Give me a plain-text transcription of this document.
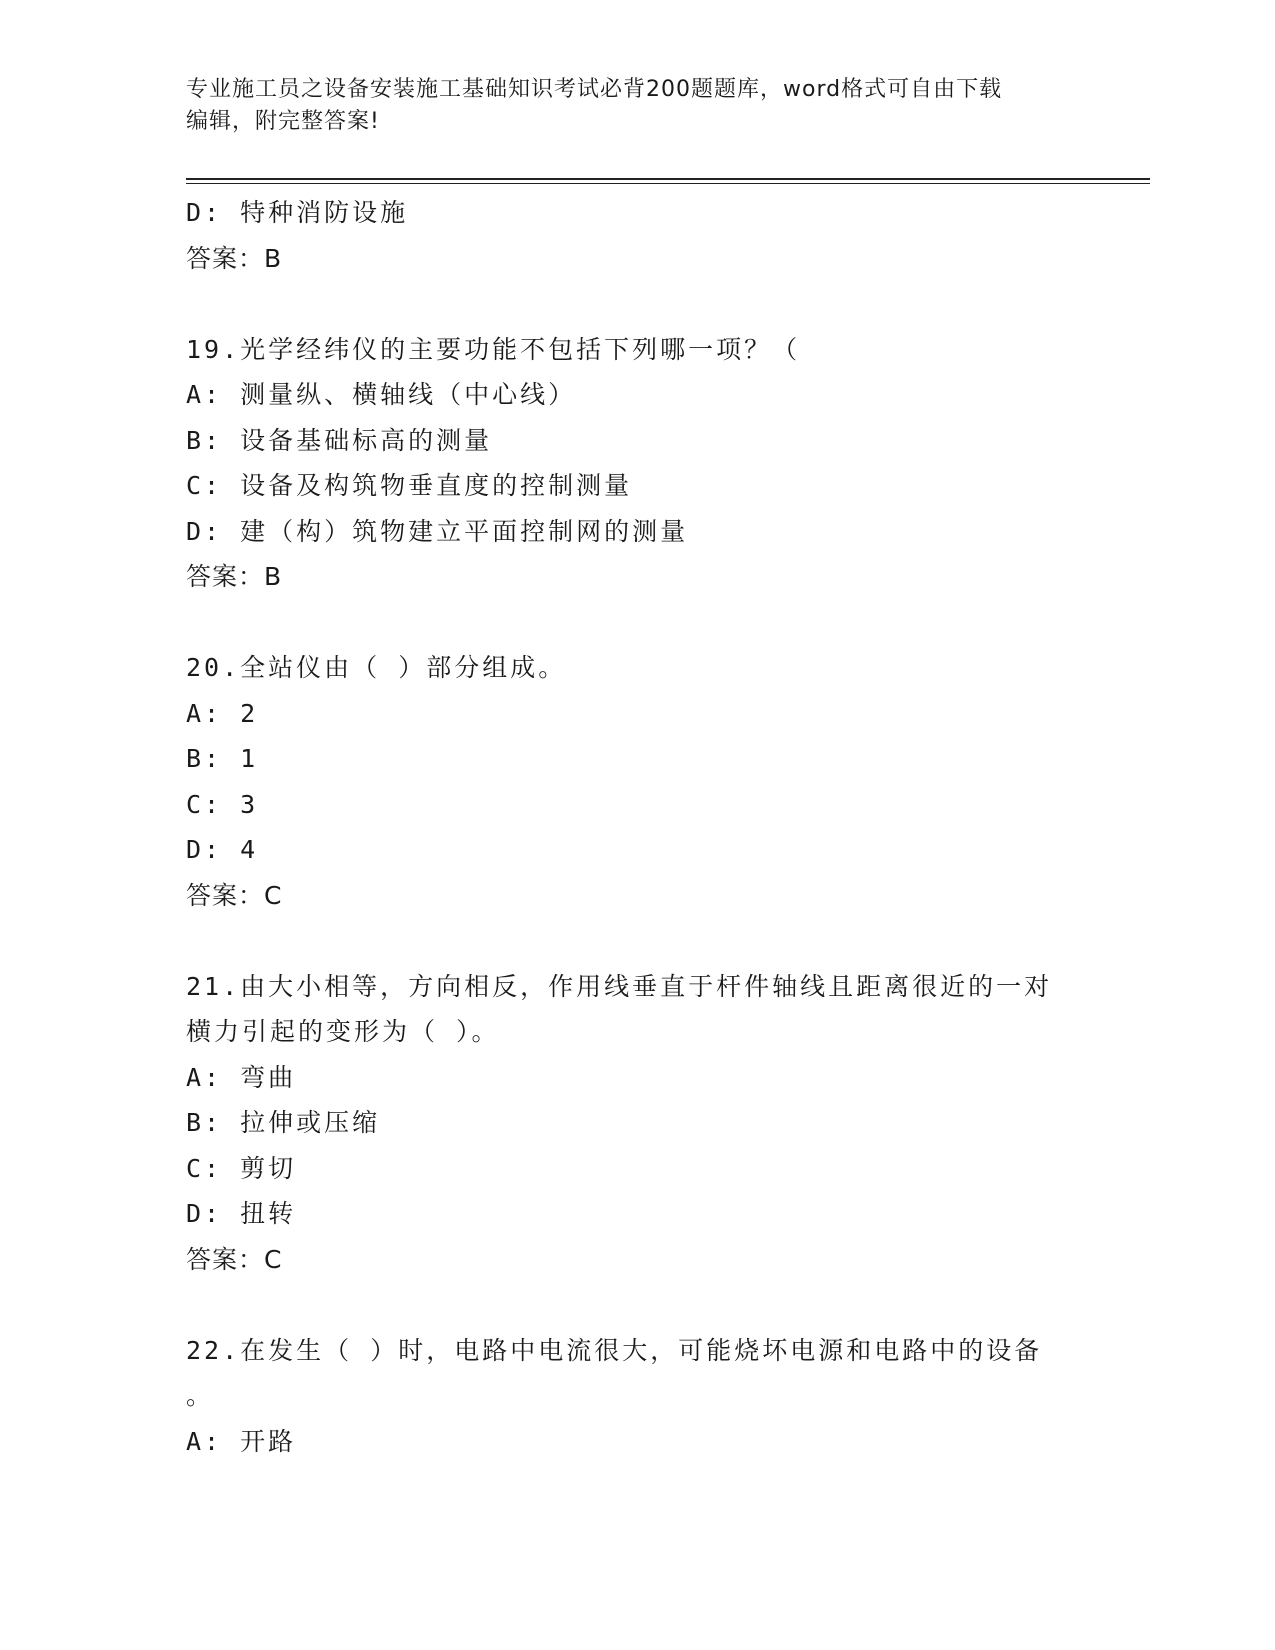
专业施工员之设备安装施工基础知识考试必背200题题库，word格式可自由下载
编辑，附完整答案!
D: 特种消防设施
答案：B
19.光学经纬仪的主要功能不包括下列哪一项？（
A: 测量纵、横轴线（中心线）
B: 设备基础标高的测量
C: 设备及构筑物垂直度的控制测量
D: 建（构）筑物建立平面控制网的测量
答案：B
20.全站仪由（ ）部分组成。
A: 2
B: 1
C: 3
D: 4
答案：C
21.由大小相等，方向相反，作用线垂直于杆件轴线且距离很近的一对
横力引起的变形为（ ）。
A: 弯曲
B: 拉伸或压缩
C: 剪切
D: 扭转
答案：C
22.在发生（ ）时，电路中电流很大，可能烧坏电源和电路中的设备
。
A: 开路
